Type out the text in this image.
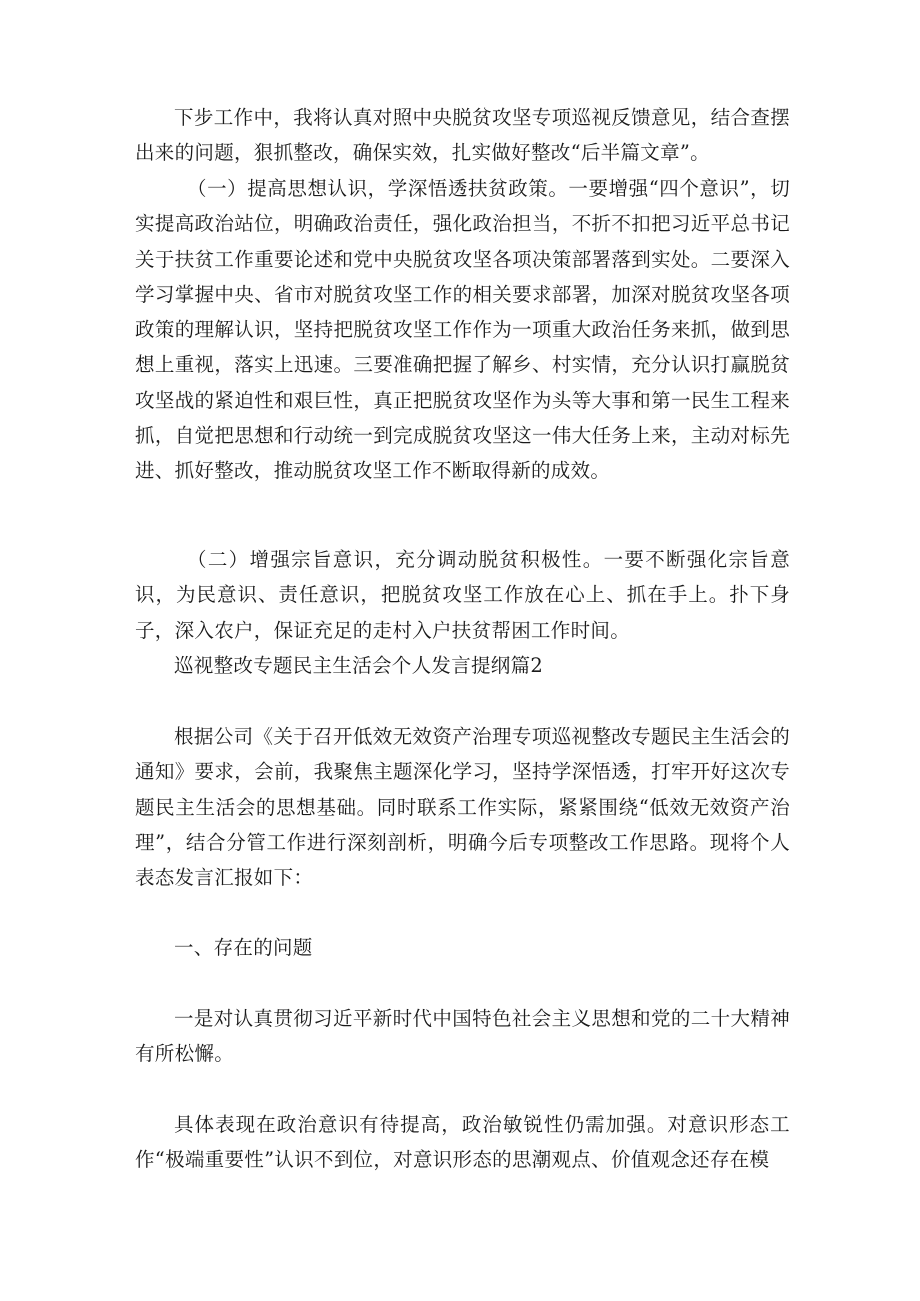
下步工作中，我将认真对照中央脱贫攻坚专项巡视反馈意见，结合查摆出来的问题，狠抓整改，确保实效，扎实做好整改“后半篇文章”。

（一）提高思想认识，学深悟透扶贫政策。一要增强“四个意识”，切实提高政治站位，明确政治责任，强化政治担当，不折不扣把习近平总书记关于扶贫工作重要论述和党中央脱贫攻坚各项决策部署落到实处。二要深入学习掌握中央、省市对脱贫攻坚工作的相关要求部署，加深对脱贫攻坚各项政策的理解认识，坚持把脱贫攻坚工作作为一项重大政治任务来抓，做到思想上重视，落实上迅速。三要准确把握了解乡、村实情，充分认识打赢脱贫攻坚战的紧迫性和艰巨性，真正把脱贫攻坚作为头等大事和第一民生工程来抓，自觉把思想和行动统一到完成脱贫攻坚这一伟大任务上来，主动对标先进、抓好整改，推动脱贫攻坚工作不断取得新的成效。

（二）增强宗旨意识，充分调动脱贫积极性。一要不断强化宗旨意识，为民意识、责任意识，把脱贫攻坚工作放在心上、抓在手上。扑下身子，深入农户，保证充足的走村入户扶贫帮困工作时间。

巡视整改专题民主生活会个人发言提纲篇2

根据公司《关于召开低效无效资产治理专项巡视整改专题民主生活会的通知》要求，会前，我聚焦主题深化学习，坚持学深悟透，打牢开好这次专题民主生活会的思想基础。同时联系工作实际，紧紧围绕“低效无效资产治理”，结合分管工作进行深刻剖析，明确今后专项整改工作思路。现将个人表态发言汇报如下：

一、存在的问题

一是对认真贯彻习近平新时代中国特色社会主义思想和党的二十大精神有所松懈。

具体表现在政治意识有待提高，政治敏锐性仍需加强。对意识形态工作“极端重要性”认识不到位，对意识形态的思潮观点、价值观念还存在模
